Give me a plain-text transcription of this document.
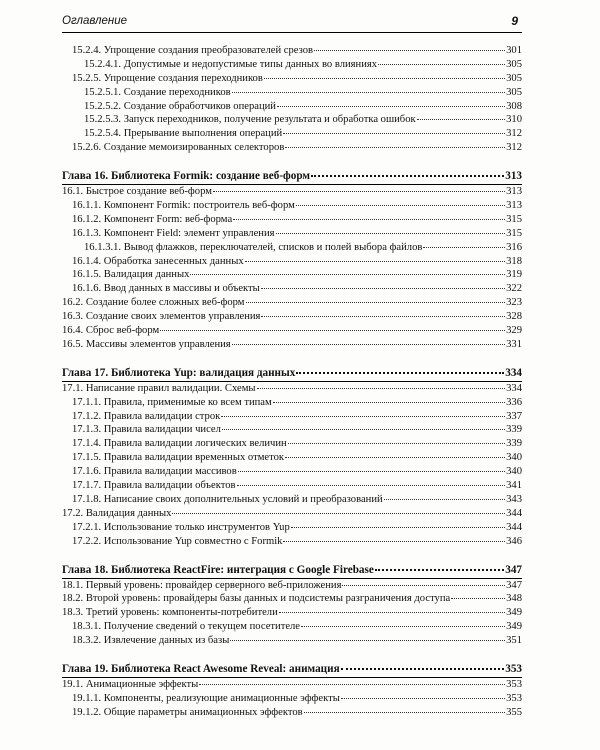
Оглавление	9
15.2.4. Упрощение создания преобразователей срезов	301
15.2.4.1. Допустимые и недопустимые типы данных во влияниях	305
15.2.5. Упрощение создания переходников	305
15.2.5.1. Создание переходников	305
15.2.5.2. Создание обработчиков операций	308
15.2.5.3. Запуск переходников, получение результата и обработка ошибок	310
15.2.5.4. Прерывание выполнения операций	312
15.2.6. Создание мемоизированных селекторов	312
Глава 16. Библиотека Formik: создание веб-форм	313
16.1. Быстрое создание веб-форм	313
16.1.1. Компонент Formik: построитель веб-форм	313
16.1.2. Компонент Form: веб-форма	315
16.1.3. Компонент Field: элемент управления	315
16.1.3.1. Вывод флажков, переключателей, списков и полей выбора файлов	316
16.1.4. Обработка занесенных данных	318
16.1.5. Валидация данных	319
16.1.6. Ввод данных в массивы и объекты	322
16.2. Создание более сложных веб-форм	323
16.3. Создание своих элементов управления	328
16.4. Сброс веб-форм	329
16.5. Массивы элементов управления	331
Глава 17. Библиотека Yup: валидация данных	334
17.1. Написание правил валидации. Схемы	334
17.1.1. Правила, применимые ко всем типам	336
17.1.2. Правила валидации строк	337
17.1.3. Правила валидации чисел	339
17.1.4. Правила валидации логических величин	339
17.1.5. Правила валидации временных отметок	340
17.1.6. Правила валидации массивов	340
17.1.7. Правила валидации объектов	341
17.1.8. Написание своих дополнительных условий и преобразований	343
17.2. Валидация данных	344
17.2.1. Использование только инструментов Yup	344
17.2.2. Использование Yup совместно с Formik	346
Глава 18. Библиотека ReactFire: интеграция с Google Firebase	347
18.1. Первый уровень: провайдер серверного веб-приложения	347
18.2. Второй уровень: провайдеры базы данных и подсистемы разграничения доступа	348
18.3. Третий уровень: компоненты-потребители	349
18.3.1. Получение сведений о текущем посетителе	349
18.3.2. Извлечение данных из базы	351
Глава 19. Библиотека React Awesome Reveal: анимация	353
19.1. Анимационные эффекты	353
19.1.1. Компоненты, реализующие анимационные эффекты	353
19.1.2. Общие параметры анимационных эффектов	355
